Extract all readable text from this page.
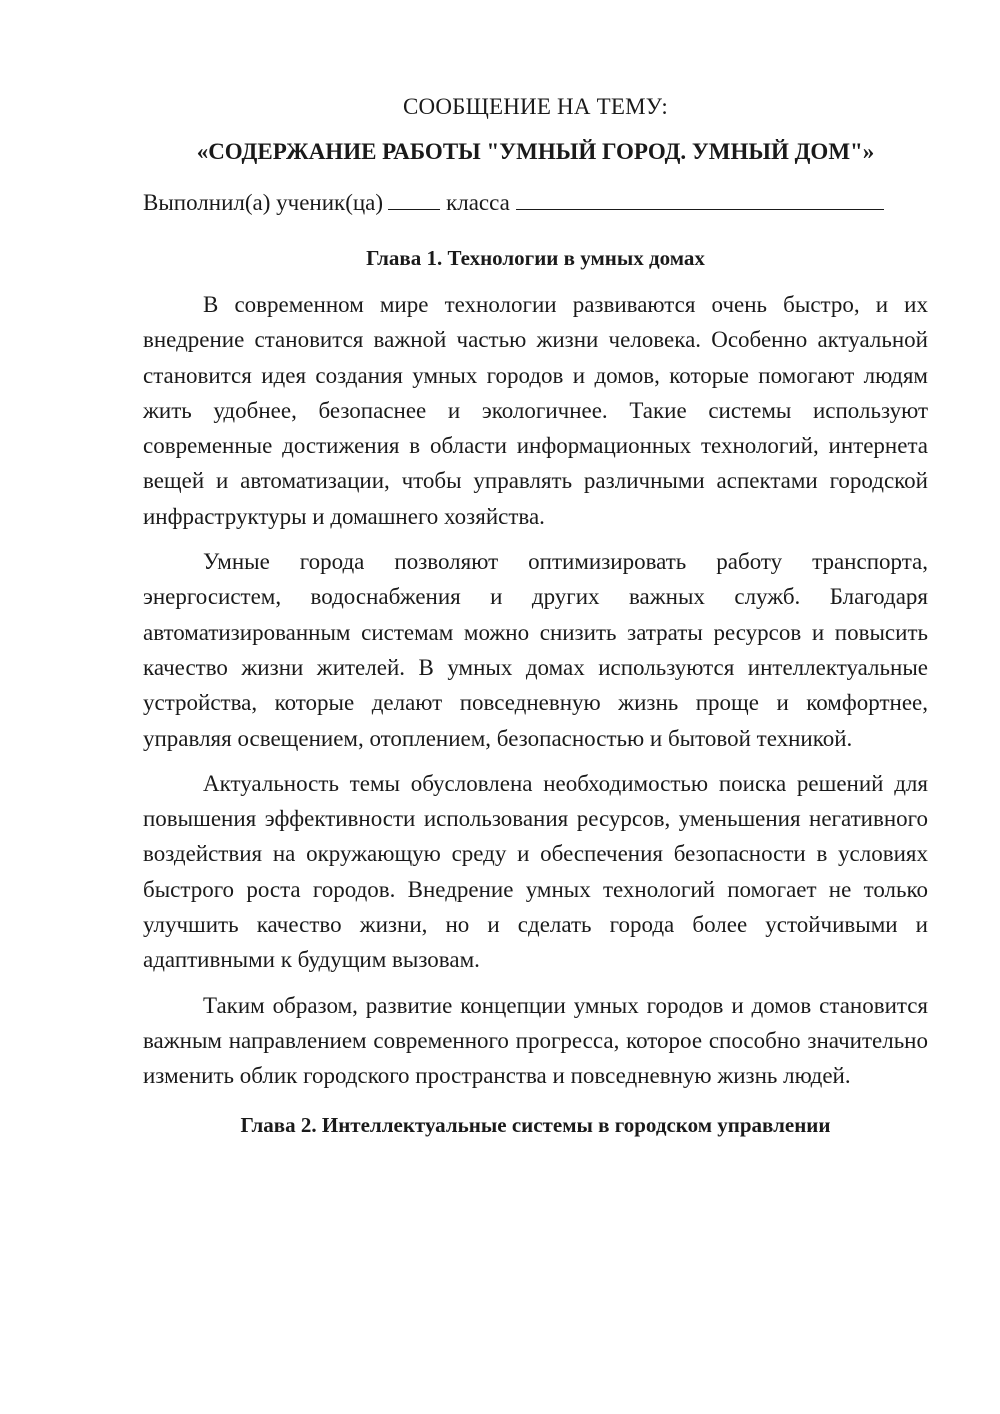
СООБЩЕНИЕ НА ТЕМУ:
«СОДЕРЖАНИЕ РАБОТЫ "УМНЫЙ ГОРОД. УМНЫЙ ДОМ"»

Выполнил(а) ученик(ца)	класса

Глава 1. Технологии в умных домах

В современном мире технологии развиваются очень быстро, и их внедрение становится важной частью жизни человека. Особенно актуальной становится идея создания умных городов и домов, которые помогают людям жить удобнее, безопаснее и экологичнее. Такие системы используют современные достижения в области информационных технологий, интернета вещей и автоматизации, чтобы управлять различными аспектами городской инфраструктуры и домашнего хозяйства.

Умные города позволяют оптимизировать работу транспорта, энергосистем, водоснабжения и других важных служб. Благодаря автоматизированным системам можно снизить затраты ресурсов и повысить качество жизни жителей. В умных домах используются интеллектуальные устройства, которые делают повседневную жизнь проще и комфортнее, управляя освещением, отоплением, безопасностью и бытовой техникой.

Актуальность темы обусловлена необходимостью поиска решений для повышения эффективности использования ресурсов, уменьшения негативного воздействия на окружающую среду и обеспечения безопасности в условиях быстрого роста городов. Внедрение умных технологий помогает не только улучшить качество жизни, но и сделать города более устойчивыми и адаптивными к будущим вызовам.

Таким образом, развитие концепции умных городов и домов становится важным направлением современного прогресса, которое способно значительно изменить облик городского пространства и повседневную жизнь людей.

Глава 2. Интеллектуальные системы в городском управлении
